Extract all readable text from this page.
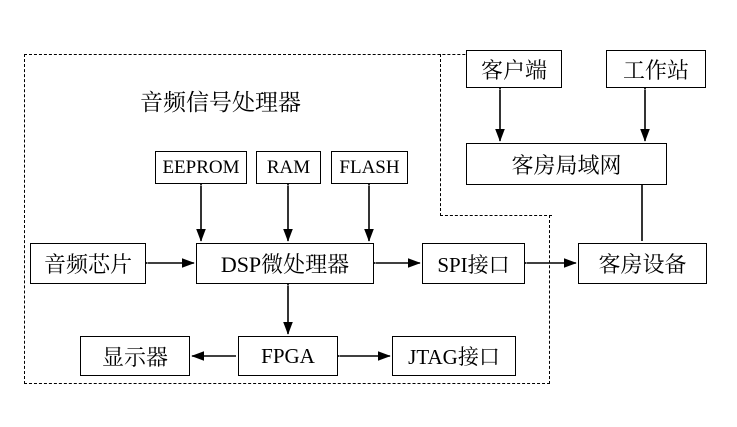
音频信号处理器
客户端	工作站
客房局域网
EEPROM RAM FLASH
音频芯片	DSP微处理器	SPI接口	客房设备
显示器	FPGA	JTAG接口
